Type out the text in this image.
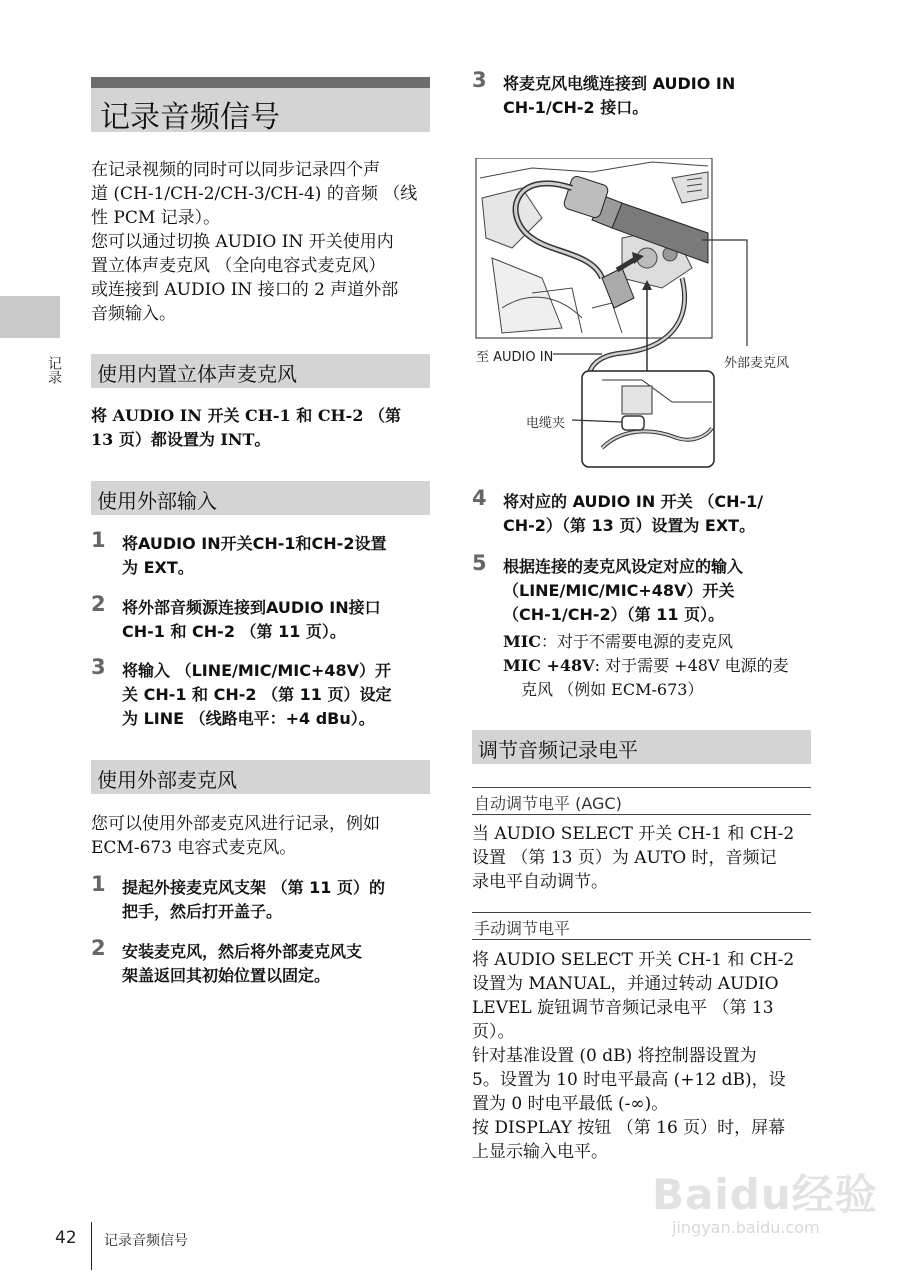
记录音频信号
记录
在记录视频的同时可以同步记录四个声
道 (CH-1/CH-2/CH-3/CH-4) 的音频 （线
性 PCM 记录）。
您可以通过切换 AUDIO IN 开关使用内
置立体声麦克风 （全向电容式麦克风）
或连接到 AUDIO IN 接口的 2 声道外部
音频输入。
使用内置立体声麦克风
将 AUDIO IN 开关 CH-1 和 CH-2 （第
13 页）都设置为 INT。
使用外部输入
1 将AUDIO IN开关CH-1和CH-2设置
为 EXT。
2 将外部音频源连接到AUDIO IN接口
CH-1 和 CH-2 （第 11 页）。
3 将输入 （LINE/MIC/MIC+48V）开
关 CH-1 和 CH-2 （第 11 页）设定
为 LINE （线路电平：+4 dBu）。
使用外部麦克风
您可以使用外部麦克风进行记录，例如
ECM-673 电容式麦克风。
1 提起外接麦克风支架 （第 11 页）的
把手，然后打开盖子。
2 安装麦克风，然后将外部麦克风支
架盖返回其初始位置以固定。
3 将麦克风电缆连接到 AUDIO IN
CH-1/CH-2 接口。
至 AUDIO IN	外部麦克风
电缆夹
4 将对应的 AUDIO IN 开关 （CH-1/
CH-2）（第 13 页）设置为 EXT。
5 根据连接的麦克风设定对应的输入
（LINE/MIC/MIC+48V）开关
（CH-1/CH-2）（第 11 页）。
MIC：对于不需要电源的麦克风
MIC +48V: 对于需要 +48V 电源的麦
克风 （例如 ECM-673）
调节音频记录电平
自动调节电平 (AGC)
当 AUDIO SELECT 开关 CH-1 和 CH-2
设置 （第 13 页）为 AUTO 时，音频记
录电平自动调节。
手动调节电平
将 AUDIO SELECT 开关 CH-1 和 CH-2
设置为 MANUAL，并通过转动 AUDIO
LEVEL 旋钮调节音频记录电平 （第 13
页）。
针对基准设置 (0 dB) 将控制器设置为
5。设置为 10 时电平最高 (+12 dB)，设
置为 0 时电平最低 (-∞)。
按 DISPLAY 按钮 （第 16 页）时，屏幕
上显示输入电平。
Baidu经验
jingyan.baidu.com
42 记录音频信号
